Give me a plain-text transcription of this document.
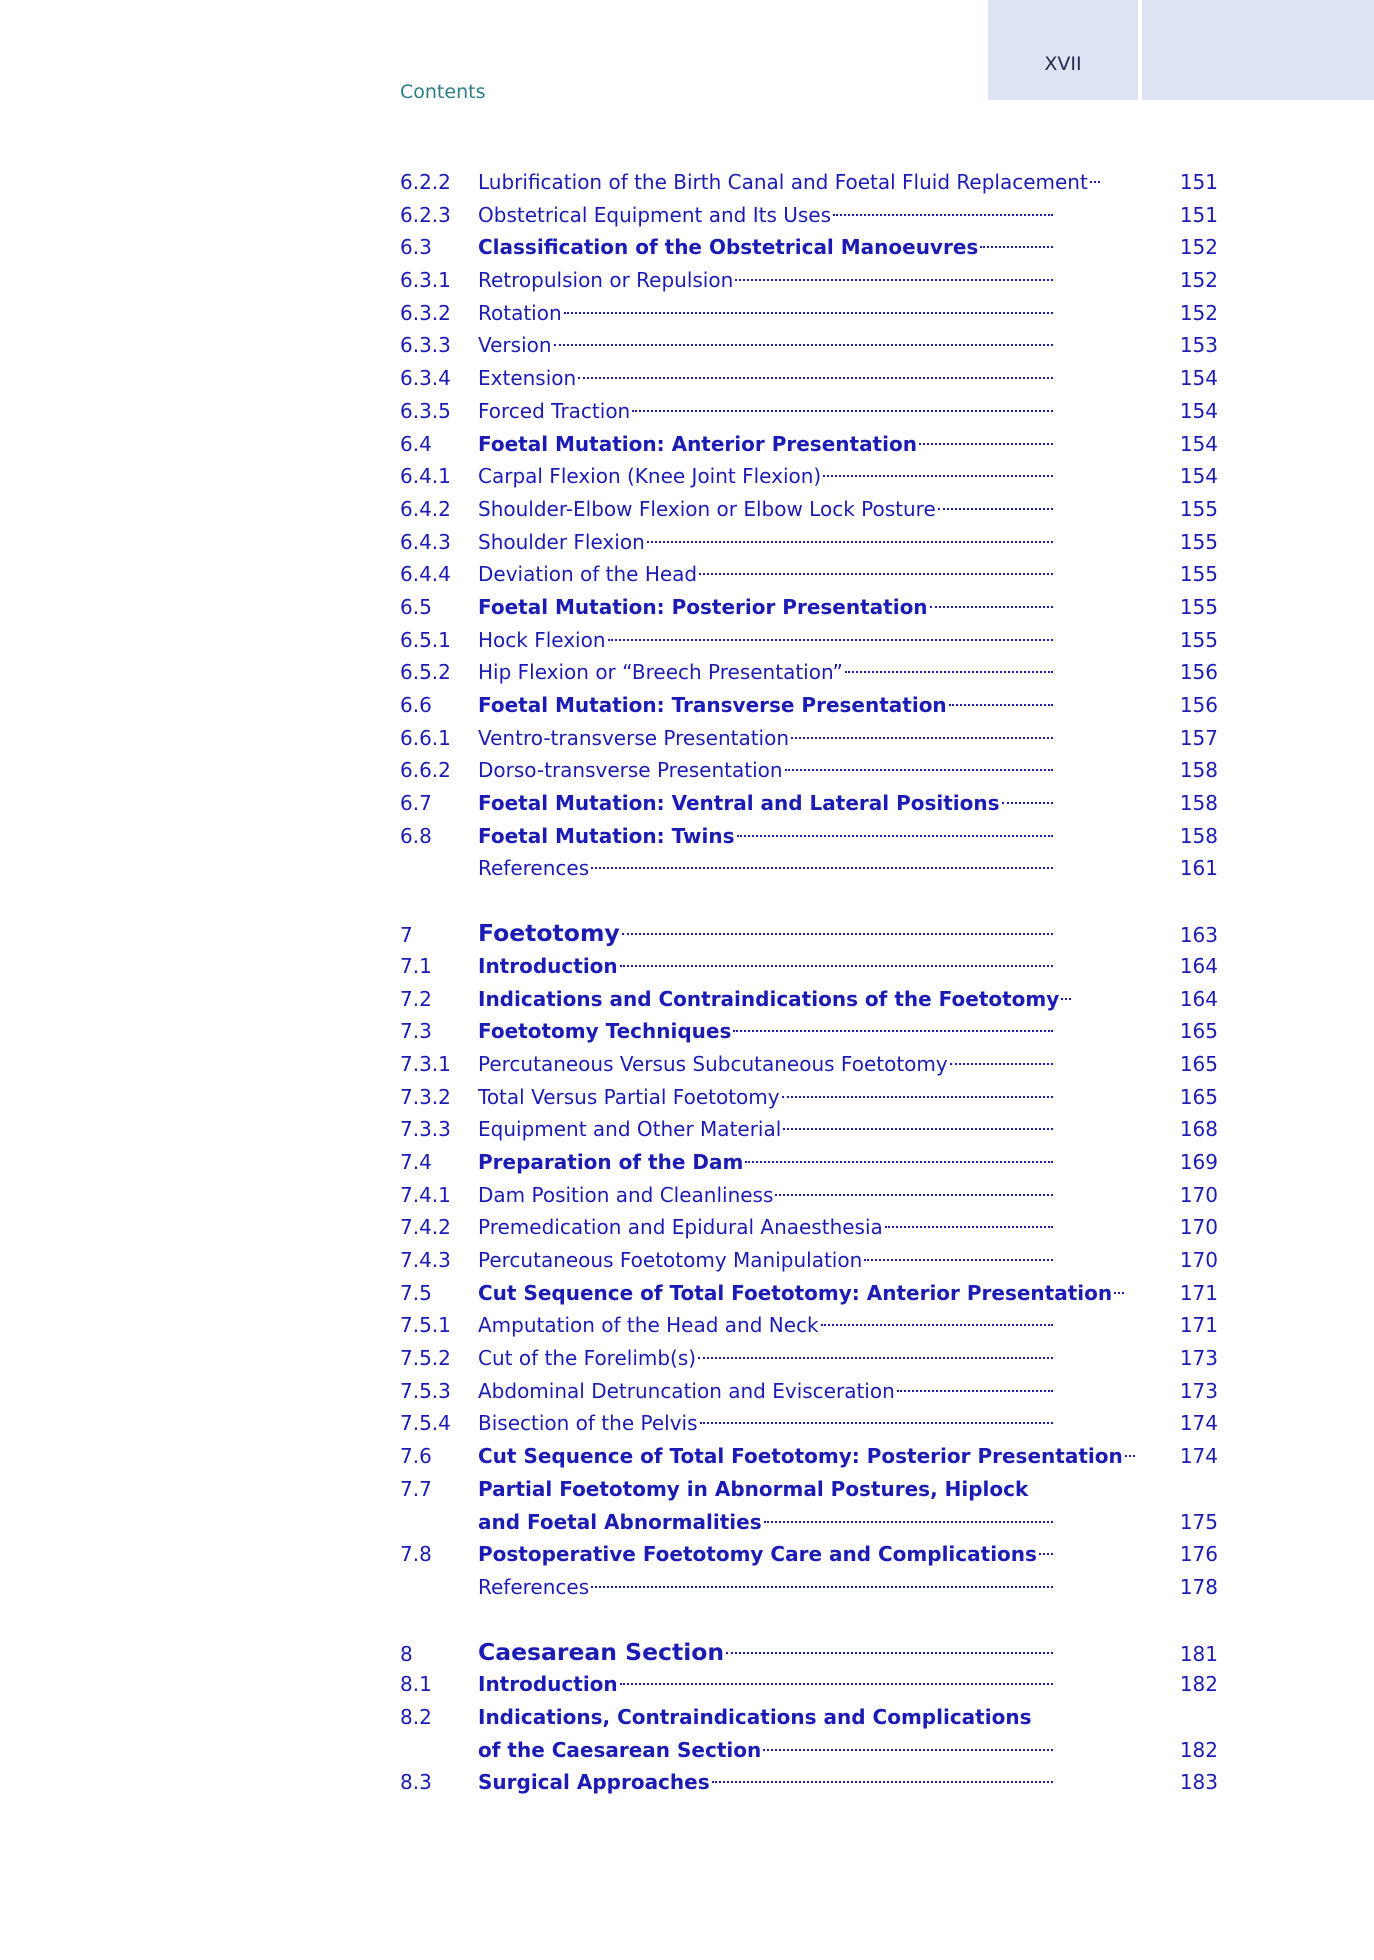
XVII
Contents
6.2.2 Lubrification of the Birth Canal and Foetal Fluid Replacement	151
6.2.3 Obstetrical Equipment and Its Uses	151
6.3 Classification of the Obstetrical Manoeuvres	152
6.3.1 Retropulsion or Repulsion	152
6.3.2 Rotation	152
6.3.3 Version	153
6.3.4 Extension	154
6.3.5 Forced Traction	154
6.4 Foetal Mutation: Anterior Presentation	154
6.4.1 Carpal Flexion (Knee Joint Flexion)	154
6.4.2 Shoulder-Elbow Flexion or Elbow Lock Posture	155
6.4.3 Shoulder Flexion	155
6.4.4 Deviation of the Head	155
6.5 Foetal Mutation: Posterior Presentation	155
6.5.1 Hock Flexion	155
6.5.2 Hip Flexion or “Breech Presentation”	156
6.6 Foetal Mutation: Transverse Presentation	156
6.6.1 Ventro-transverse Presentation	157
6.6.2 Dorso-transverse Presentation	158
6.7 Foetal Mutation: Ventral and Lateral Positions	158
6.8 Foetal Mutation: Twins	158
References	161
7	Foetotomy	163
7.1 Introduction	164
7.2 Indications and Contraindications of the Foetotomy	164
7.3 Foetotomy Techniques	165
7.3.1 Percutaneous Versus Subcutaneous Foetotomy	165
7.3.2 Total Versus Partial Foetotomy	165
7.3.3 Equipment and Other Material	168
7.4 Preparation of the Dam	169
7.4.1 Dam Position and Cleanliness	170
7.4.2 Premedication and Epidural Anaesthesia	170
7.4.3 Percutaneous Foetotomy Manipulation	170
7.5 Cut Sequence of Total Foetotomy: Anterior Presentation	171
7.5.1 Amputation of the Head and Neck	171
7.5.2 Cut of the Forelimb(s)	173
7.5.3 Abdominal Detruncation and Evisceration	173
7.5.4 Bisection of the Pelvis	174
7.6 Cut Sequence of Total Foetotomy: Posterior Presentation	174
7.7 Partial Foetotomy in Abnormal Postures, Hiplock
and Foetal Abnormalities	175
7.8 Postoperative Foetotomy Care and Complications	176
References	178
8	Caesarean Section	181
8.1 Introduction	182
8.2 Indications, Contraindications and Complications
of the Caesarean Section	182
8.3 Surgical Approaches	183
